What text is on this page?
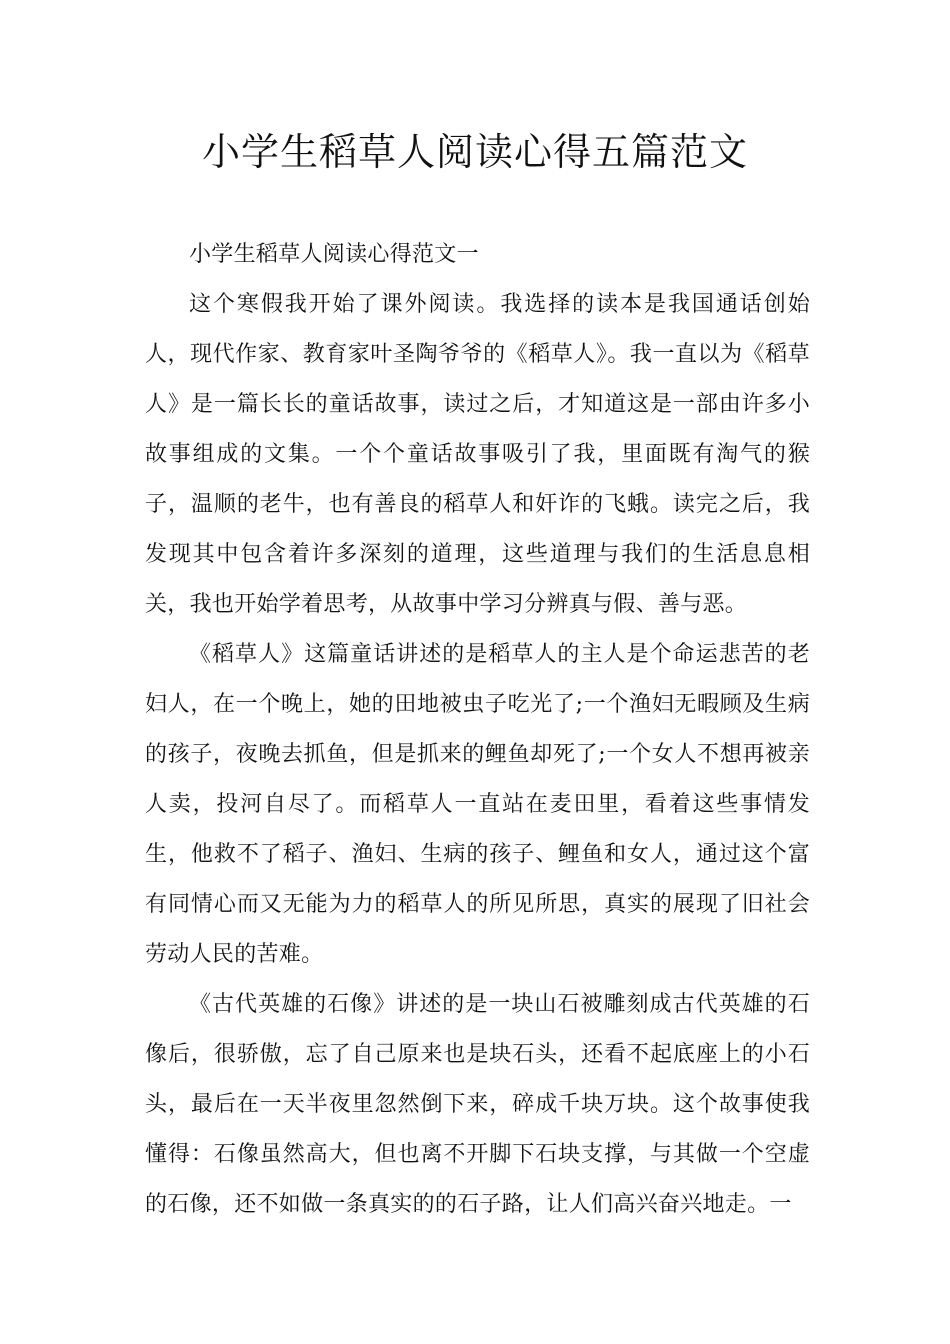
小学生稻草人阅读心得五篇范文

小学生稻草人阅读心得范文一

这个寒假我开始了课外阅读。我选择的读本是我国通话创始人，现代作家、教育家叶圣陶爷爷的《稻草人》。我一直以为《稻草人》是一篇长长的童话故事，读过之后，才知道这是一部由许多小故事组成的文集。一个个童话故事吸引了我，里面既有淘气的猴子，温顺的老牛，也有善良的稻草人和奸诈的飞蛾。读完之后，我发现其中包含着许多深刻的道理，这些道理与我们的生活息息相关，我也开始学着思考，从故事中学习分辨真与假、善与恶。

《稻草人》这篇童话讲述的是稻草人的主人是个命运悲苦的老妇人，在一个晚上，她的田地被虫子吃光了;一个渔妇无暇顾及生病的孩子，夜晚去抓鱼，但是抓来的鲤鱼却死了;一个女人不想再被亲人卖，投河自尽了。而稻草人一直站在麦田里，看着这些事情发生，他救不了稻子、渔妇、生病的孩子、鲤鱼和女人，通过这个富有同情心而又无能为力的稻草人的所见所思，真实的展现了旧社会劳动人民的苦难。

《古代英雄的石像》讲述的是一块山石被雕刻成古代英雄的石像后，很骄傲，忘了自己原来也是块石头，还看不起底座上的小石头，最后在一天半夜里忽然倒下来，碎成千块万块。这个故事使我懂得：石像虽然高大，但也离不开脚下石块支撑，与其做一个空虚的石像，还不如做一条真实的的石子路，让人们高兴奋兴地走。一
